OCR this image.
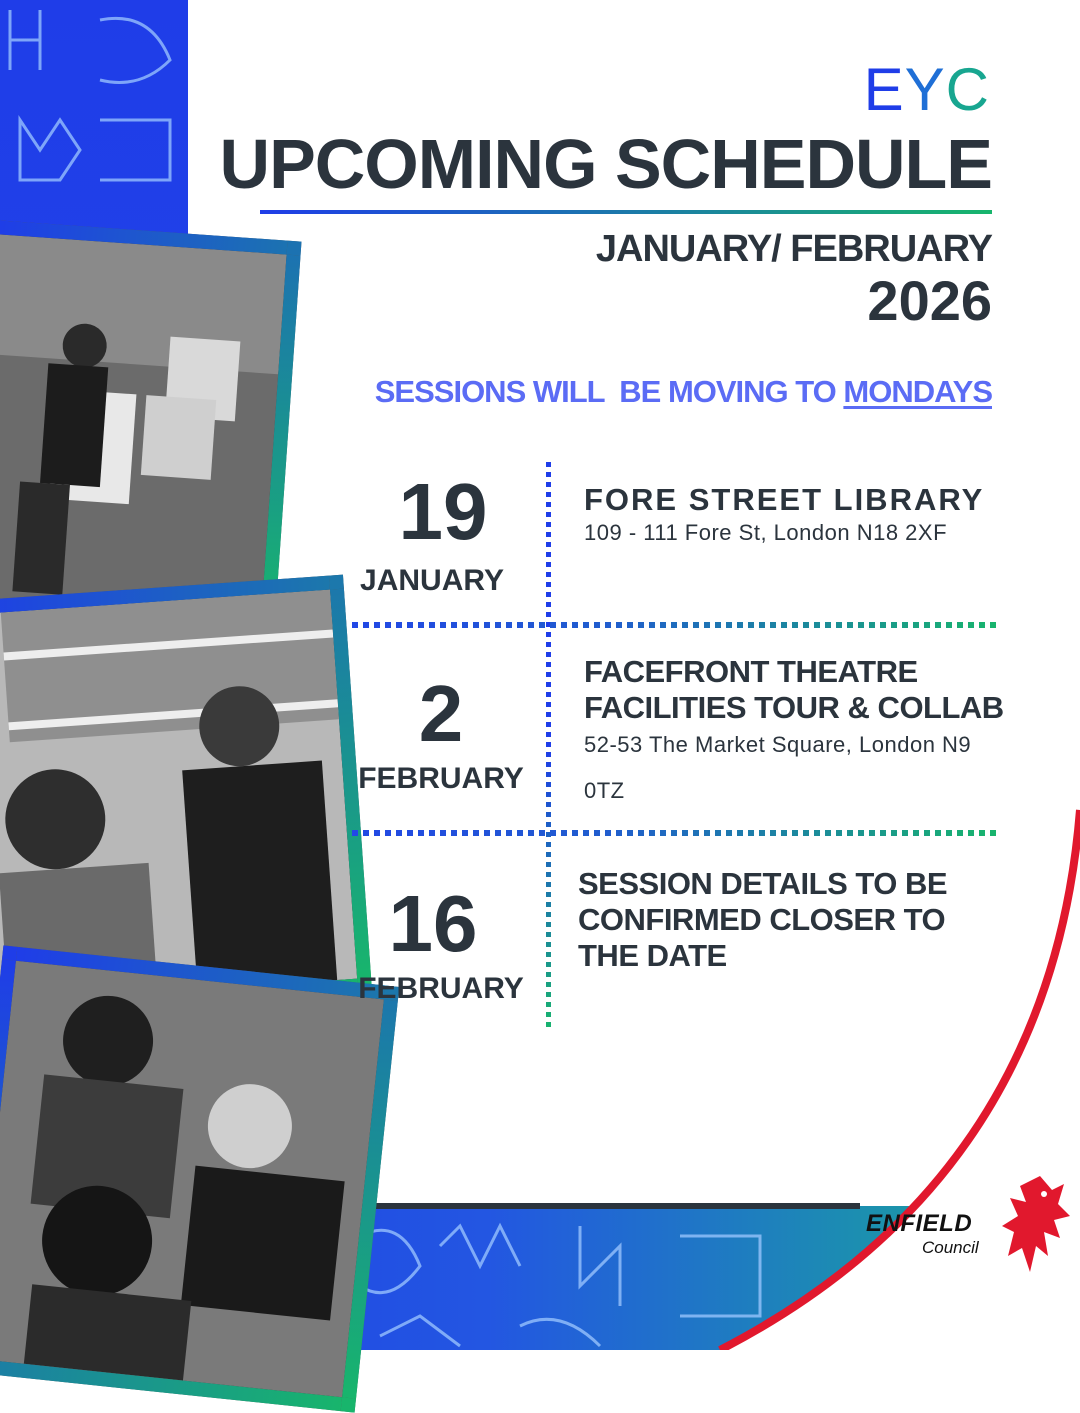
EYC
UPCOMING SCHEDULE
JANUARY/ FEBRUARY
2026
SESSIONS WILL  BE MOVING TO MONDAYS
19
JANUARY
FORE STREET LIBRARY
109 - 111 Fore St, London N18 2XF
2
FEBRUARY
FACEFRONT THEATRE FACILITIES TOUR & COLLAB
52-53 The Market Square, London N9 0TZ
16
FEBRUARY
SESSION DETAILS TO BE CONFIRMED CLOSER TO THE DATE
ENFIELD
Council
